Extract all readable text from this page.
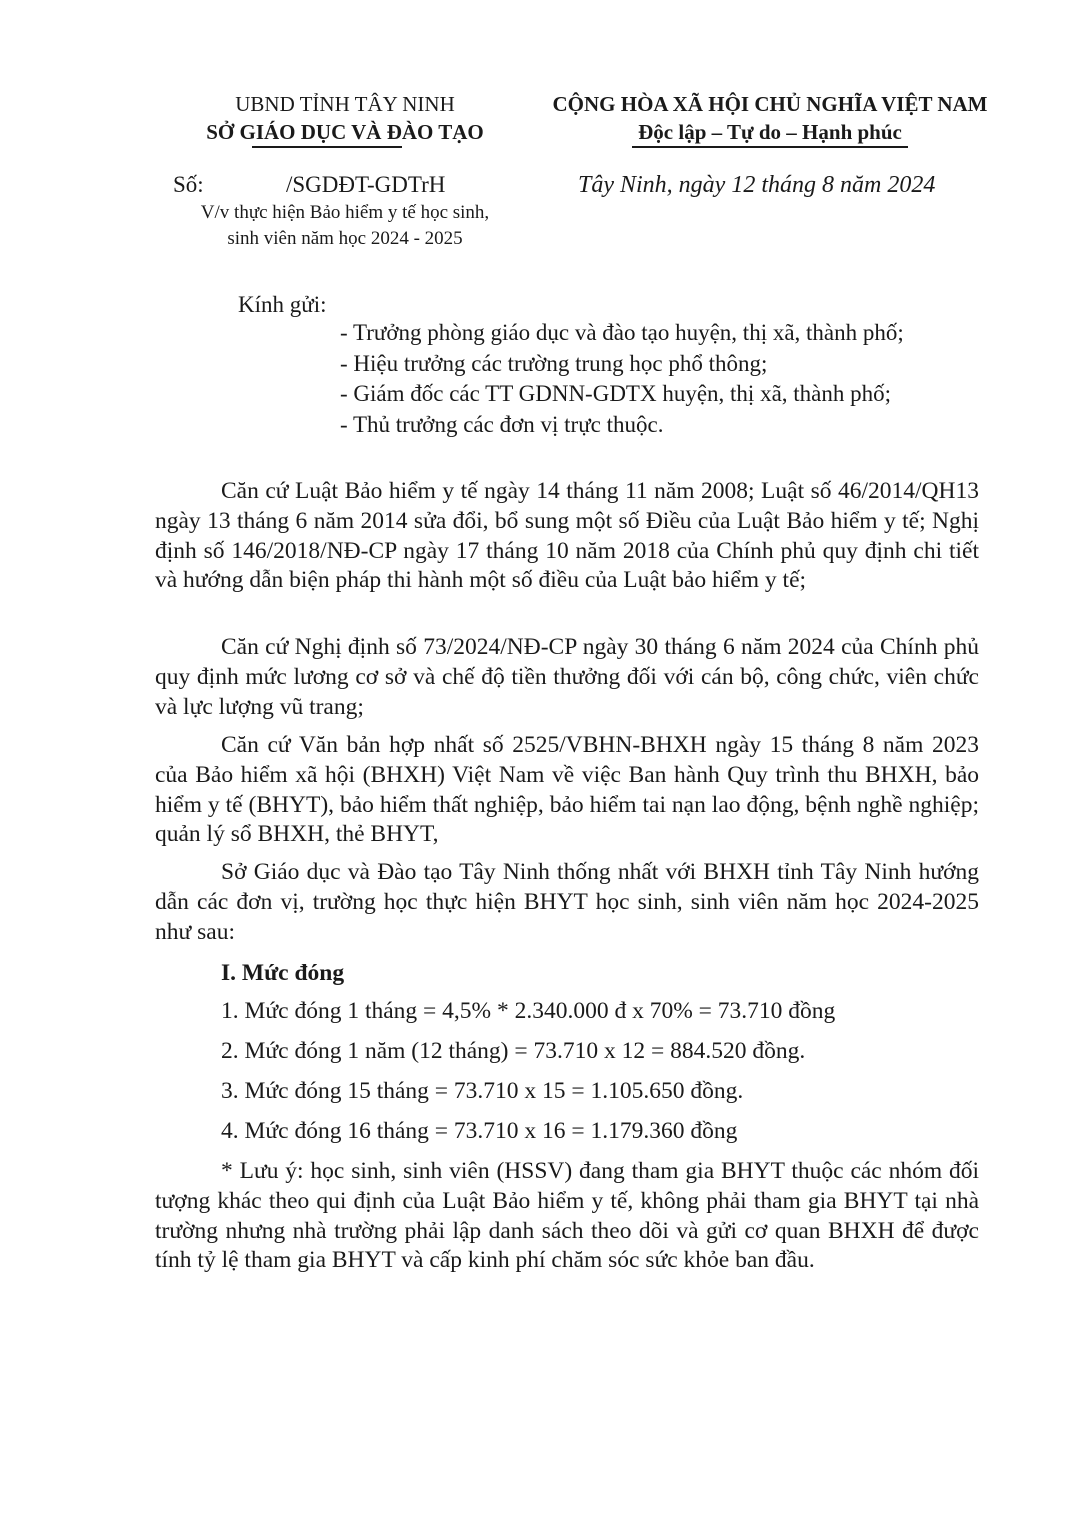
UBND TỈNH TÂY NINH
SỞ GIÁO DỤC VÀ ĐÀO TẠO
CỘNG HÒA XÃ HỘI CHỦ NGHĨA VIỆT NAM
Độc lập – Tự do – Hạnh phúc
Số:	/SGDĐT-GDTrH	Tây Ninh, ngày 12 tháng 8 năm 2024
V/v thực hiện Bảo hiểm y tế học sinh,
sinh viên năm học 2024 - 2025
Kính gửi:
- Trưởng phòng giáo dục và đào tạo huyện, thị xã, thành phố;
- Hiệu trưởng các trường trung học phổ thông;
- Giám đốc các TT GDNN-GDTX huyện, thị xã, thành phố;
- Thủ trưởng các đơn vị trực thuộc.
Căn cứ Luật Bảo hiểm y tế ngày 14 tháng 11 năm 2008; Luật số 46/2014/QH13 ngày 13 tháng 6 năm 2014 sửa đổi, bổ sung một số Điều của Luật Bảo hiểm y tế; Nghị định số 146/2018/NĐ-CP ngày 17 tháng 10 năm 2018 của Chính phủ quy định chi tiết và hướng dẫn biện pháp thi hành một số điều của Luật bảo hiểm y tế;
Căn cứ Nghị định số 73/2024/NĐ-CP ngày 30 tháng 6 năm 2024 của Chính phủ quy định mức lương cơ sở và chế độ tiền thưởng đối với cán bộ, công chức, viên chức và lực lượng vũ trang;
Căn cứ Văn bản hợp nhất số 2525/VBHN-BHXH ngày 15 tháng 8 năm 2023 của Bảo hiểm xã hội (BHXH) Việt Nam về việc Ban hành Quy trình thu BHXH, bảo hiểm y tế (BHYT), bảo hiểm thất nghiệp, bảo hiểm tai nạn lao động, bệnh nghề nghiệp; quản lý sổ BHXH, thẻ BHYT,
Sở Giáo dục và Đào tạo Tây Ninh thống nhất với BHXH tỉnh Tây Ninh hướng dẫn các đơn vị, trường học thực hiện BHYT học sinh, sinh viên năm học 2024-2025 như sau:
I. Mức đóng
1. Mức đóng 1 tháng = 4,5% * 2.340.000 đ x 70% = 73.710 đồng
2. Mức đóng 1 năm (12 tháng) = 73.710 x 12 = 884.520 đồng.
3. Mức đóng 15 tháng = 73.710 x 15 = 1.105.650 đồng.
4. Mức đóng 16 tháng = 73.710 x 16 = 1.179.360 đồng
* Lưu ý: học sinh, sinh viên (HSSV) đang tham gia BHYT thuộc các nhóm đối tượng khác theo qui định của Luật Bảo hiểm y tế, không phải tham gia BHYT tại nhà trường nhưng nhà trường phải lập danh sách theo dõi và gửi cơ quan BHXH để được tính tỷ lệ tham gia BHYT và cấp kinh phí chăm sóc sức khỏe ban đầu.
